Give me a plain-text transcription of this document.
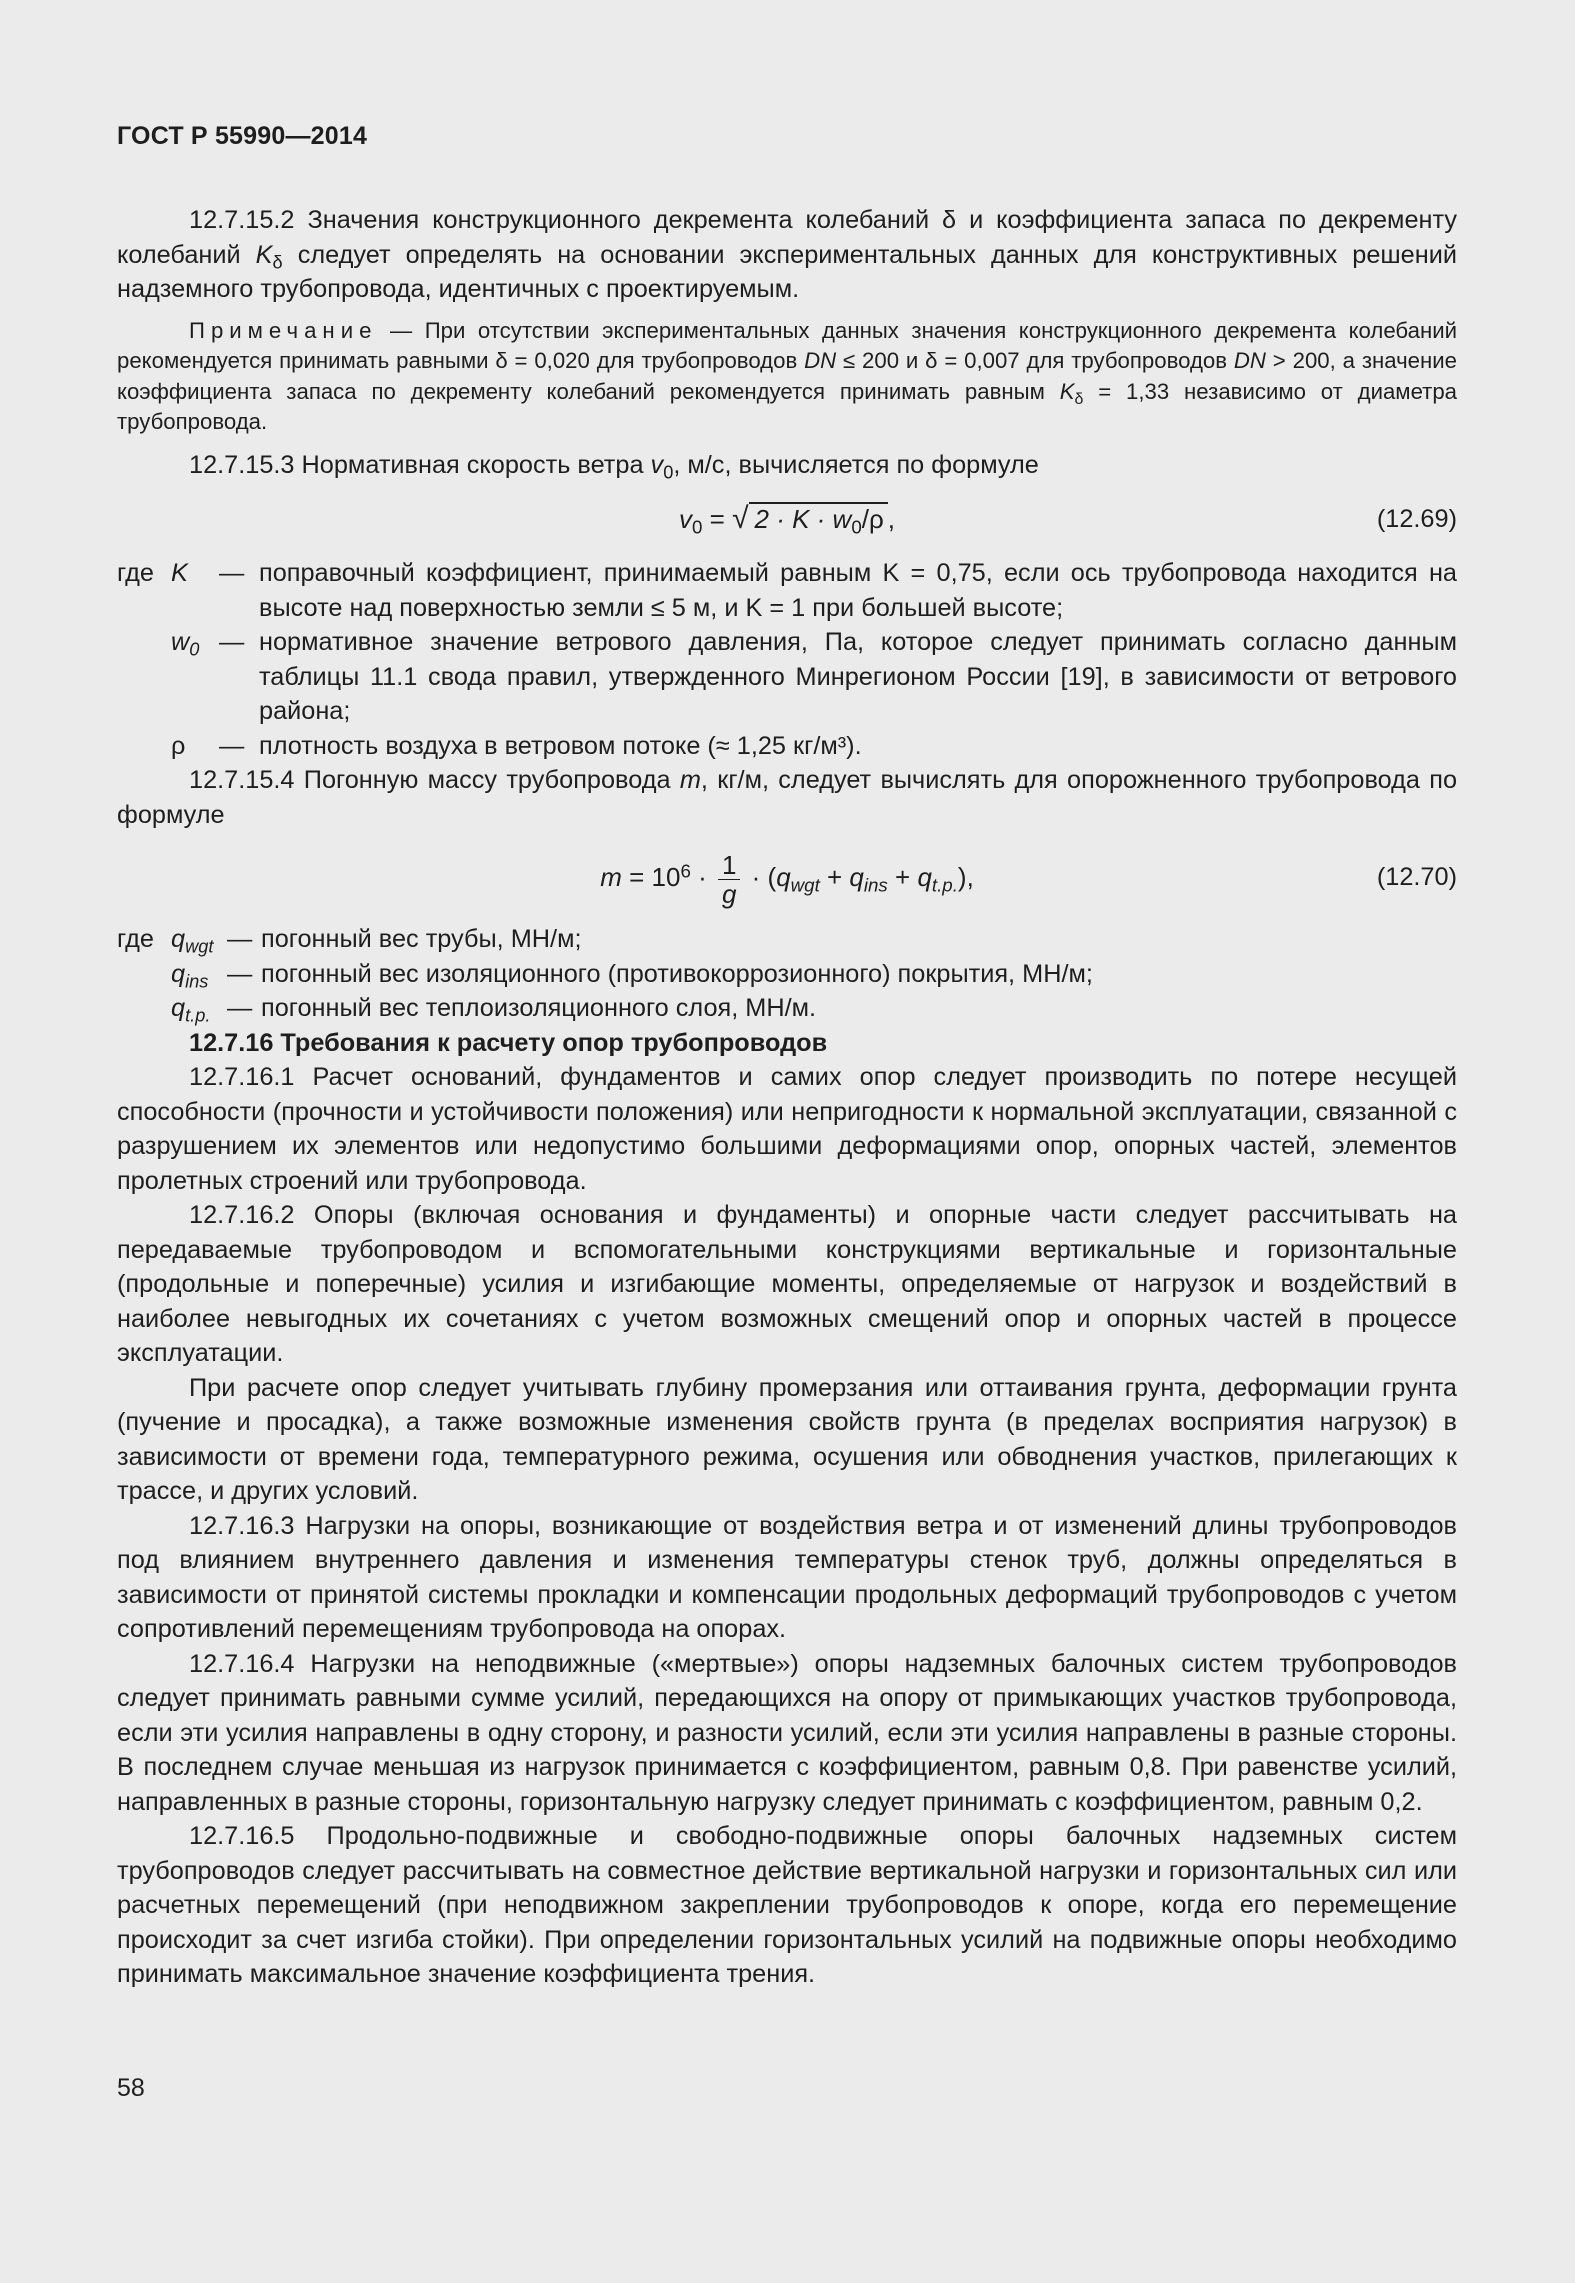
ГОСТ Р 55990—2014

12.7.15.2 Значения конструкционного декремента колебаний δ и коэффициента запаса по декременту колебаний $K_\delta$ следует определять на основании экспериментальных данных для конструктивных решений надземного трубопровода, идентичных с проектируемым.

Примечание — При отсутствии экспериментальных данных значения конструкционного декремента колебаний рекомендуется принимать равными δ = 0,020 для трубопроводов DN ≤ 200 и δ = 0,007 для трубопроводов DN > 200, а значение коэффициента запаса по декременту колебаний рекомендуется принимать равным $K_\delta = 1,33$ независимо от диаметра трубопровода.

12.7.15.3 Нормативная скорость ветра $v_0$, м/с, вычисляется по формуле

$v_0$ = √ $2 \cdot K \cdot w_0/\rho$ ,	(12.69)
где K	— поправочный коэффициент, принимаемый равным K = 0,75, если ось трубопровода находится на высоте над поверхностью земли ≤ 5 м, и K = 1 при большей высоте;
$w_0$ — нормативное значение ветрового давления, Па, которое следует принимать согласно данным таблицы 11.1 свода правил, утвержденного Минрегионом России [19], в зависимости от ветрового района;
ρ	— плотность воздуха в ветровом потоке (≈ 1,25 кг/м³).

12.7.15.4 Погонную массу трубопровода m, кг/м, следует вычислять для опорожненного трубопровода по формуле

$m = 10^6 \cdot \frac{1}{g} \cdot (q_{wgt} + q_{ins} + q_{t.p.})$,	(12.70)
где $q_{wgt}$ — погонный вес трубы, МН/м;
$q_{ins}$ — погонный вес изоляционного (противокоррозионного) покрытия, МН/м;
$q_{t.p.}$ — погонный вес теплоизоляционного слоя, МН/м.

12.7.16 Требования к расчету опор трубопроводов

12.7.16.1 Расчет оснований, фундаментов и самих опор следует производить по потере несущей способности (прочности и устойчивости положения) или непригодности к нормальной эксплуатации, связанной с разрушением их элементов или недопустимо большими деформациями опор, опорных частей, элементов пролетных строений или трубопровода.

12.7.16.2 Опоры (включая основания и фундаменты) и опорные части следует рассчитывать на передаваемые трубопроводом и вспомогательными конструкциями вертикальные и горизонтальные (продольные и поперечные) усилия и изгибающие моменты, определяемые от нагрузок и воздействий в наиболее невыгодных их сочетаниях с учетом возможных смещений опор и опорных частей в процессе эксплуатации.

При расчете опор следует учитывать глубину промерзания или оттаивания грунта, деформации грунта (пучение и просадка), а также возможные изменения свойств грунта (в пределах восприятия нагрузок) в зависимости от времени года, температурного режима, осушения или обводнения участков, прилегающих к трассе, и других условий.

12.7.16.3 Нагрузки на опоры, возникающие от воздействия ветра и от изменений длины трубопроводов под влиянием внутреннего давления и изменения температуры стенок труб, должны определяться в зависимости от принятой системы прокладки и компенсации продольных деформаций трубопроводов с учетом сопротивлений перемещениям трубопровода на опорах.

12.7.16.4 Нагрузки на неподвижные («мертвые») опоры надземных балочных систем трубопроводов следует принимать равными сумме усилий, передающихся на опору от примыкающих участков трубопровода, если эти усилия направлены в одну сторону, и разности усилий, если эти усилия направлены в разные стороны. В последнем случае меньшая из нагрузок принимается с коэффициентом, равным 0,8. При равенстве усилий, направленных в разные стороны, горизонтальную нагрузку следует принимать с коэффициентом, равным 0,2.

12.7.16.5 Продольно-подвижные и свободно-подвижные опоры балочных надземных систем трубопроводов следует рассчитывать на совместное действие вертикальной нагрузки и горизонтальных сил или расчетных перемещений (при неподвижном закреплении трубопроводов к опоре, когда его перемещение происходит за счет изгиба стойки). При определении горизонтальных усилий на подвижные опоры необходимо принимать максимальное значение коэффициента трения.

58
